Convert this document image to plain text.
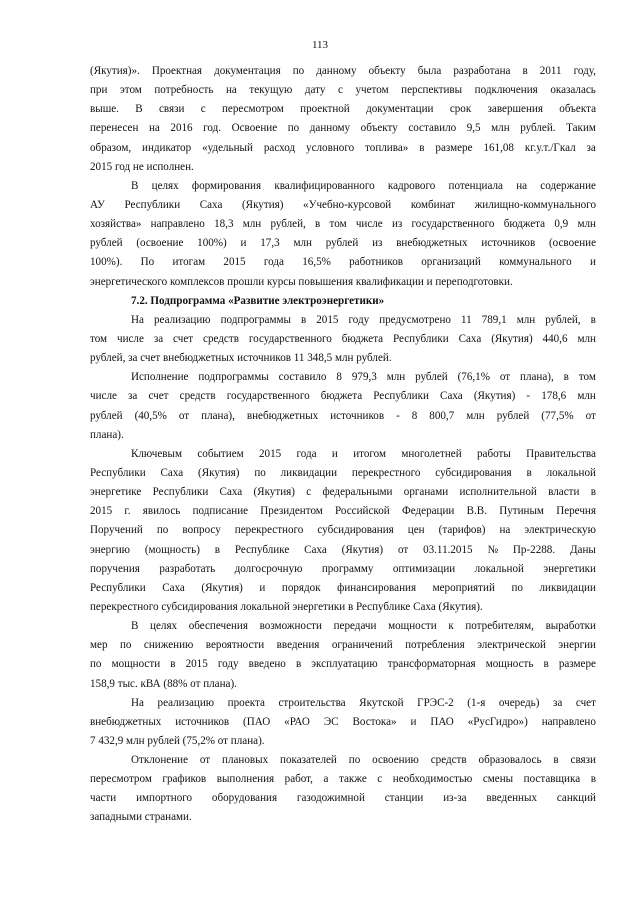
113
(Якутия)». Проектная документация по данному объекту была разработана в 2011 году,
при этом потребность на текущую дату с учетом перспективы подключения оказалась
выше. В связи с пересмотром проектной документации срок завершения объекта
перенесен на 2016 год. Освоение по данному объекту составило 9,5 млн рублей. Таким
образом, индикатор «удельный расход условного топлива» в размере 161,08 кг.у.т./Гкал за
2015 год не исполнен.
В целях формирования квалифицированного кадрового потенциала на содержание
АУ Республики Саха (Якутия) «Учебно-курсовой комбинат жилищно-коммунального
хозяйства» направлено 18,3 млн рублей, в том числе из государственного бюджета 0,9 млн
рублей (освоение 100%) и 17,3 млн рублей из внебюджетных источников (освоение
100%). По итогам 2015 года 16,5% работников организаций коммунального и
энергетического комплексов прошли курсы повышения квалификации и переподготовки.
7.2. Подпрограмма «Развитие электроэнергетики»
На реализацию подпрограммы в 2015 году предусмотрено 11 789,1 млн рублей, в
том числе за счет средств государственного бюджета Республики Саха (Якутия) 440,6 млн
рублей, за счет внебюджетных источников 11 348,5 млн рублей.
Исполнение подпрограммы составило 8 979,3 млн рублей (76,1% от плана), в том
числе за счет средств государственного бюджета Республики Саха (Якутия) - 178,6 млн
рублей (40,5% от плана), внебюджетных источников - 8 800,7 млн рублей (77,5% от
плана).
Ключевым событием 2015 года и итогом многолетней работы Правительства
Республики Саха (Якутия) по ликвидации перекрестного субсидирования в локальной
энергетике Республики Саха (Якутия) с федеральными органами исполнительной власти в
2015 г. явилось подписание Президентом Российской Федерации В.В. Путиным Перечня
Поручений по вопросу перекрестного субсидирования цен (тарифов) на электрическую
энергию (мощность) в Республике Саха (Якутия) от 03.11.2015 № Пр-2288. Даны
поручения разработать долгосрочную программу оптимизации локальной энергетики
Республики Саха (Якутия) и порядок финансирования мероприятий по ликвидации
перекрестного субсидирования локальной энергетики в Республике Саха (Якутия).
В целях обеспечения возможности передачи мощности к потребителям, выработки
мер по снижению вероятности введения ограничений потребления электрической энергии
по мощности в 2015 году введено в эксплуатацию трансформаторная мощность в размере
158,9 тыс. кВА (88% от плана).
На реализацию проекта строительства Якутской ГРЭС-2 (1-я очередь) за счет
внебюджетных источников (ПАО «РАО ЭС Востока» и ПАО «РусГидро») направлено
7 432,9 млн рублей (75,2% от плана).
Отклонение от плановых показателей по освоению средств образовалось в связи
пересмотром графиков выполнения работ, а также с необходимостью смены поставщика в
части импортного оборудования газодожимной станции из-за введенных санкций
западными странами.
